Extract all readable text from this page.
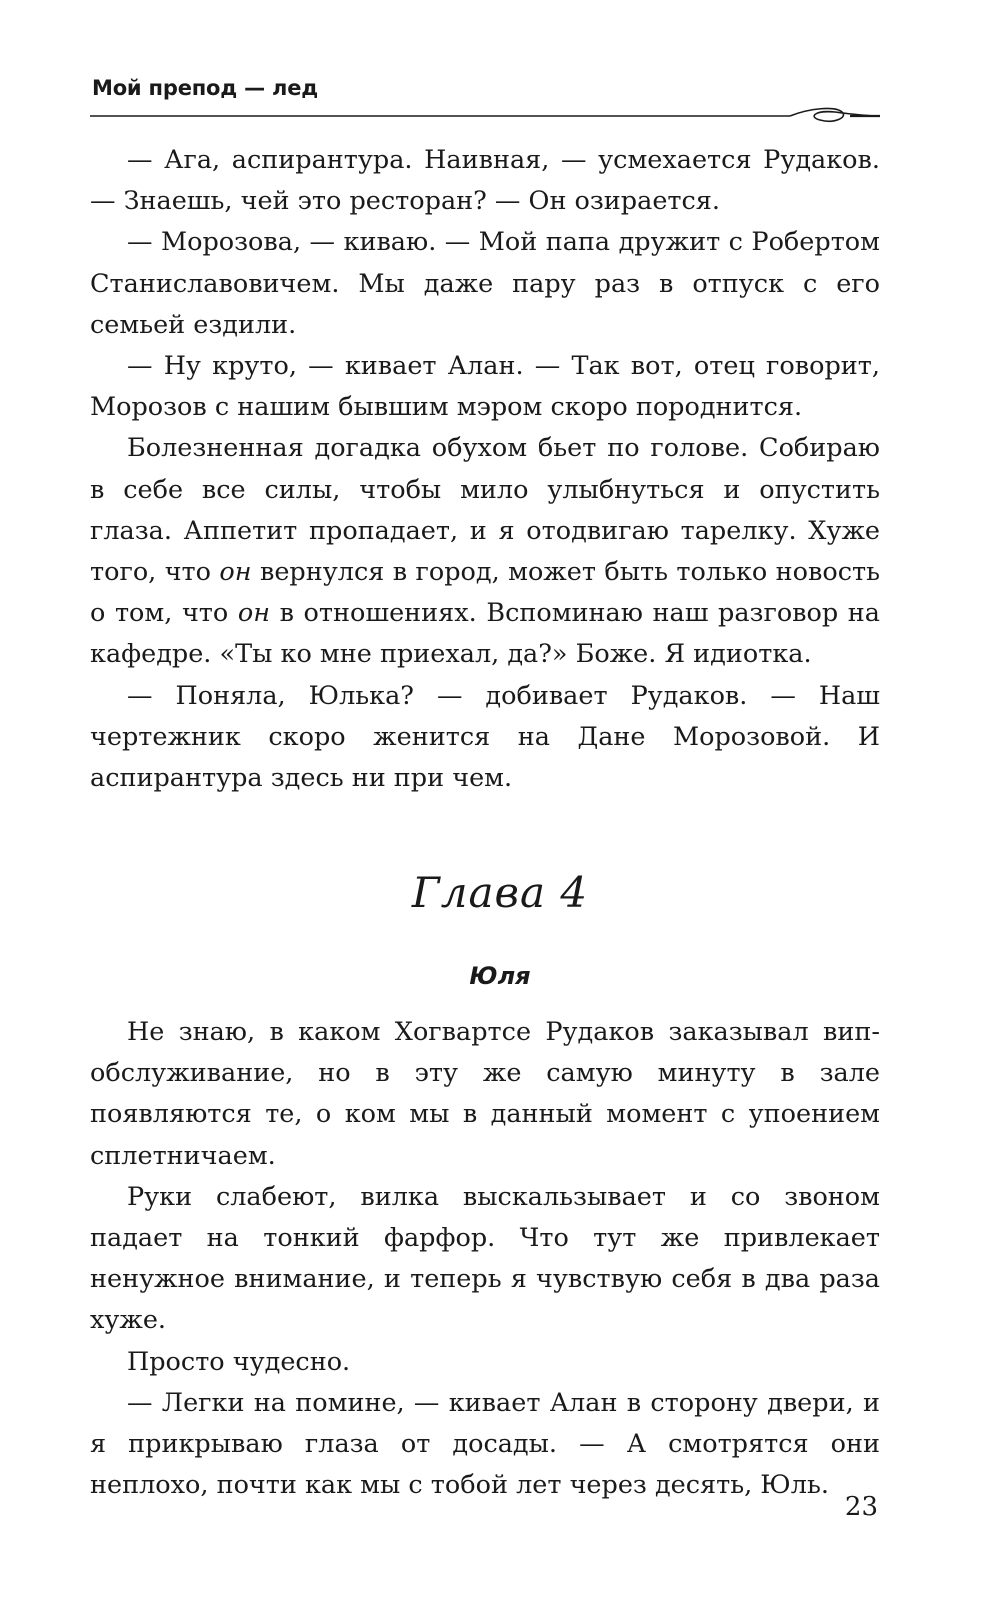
Мой препод — лед

— Ага, аспирантура. Наивная, — усмехается Рудаков. — Знаешь, чей это ресторан? — Он озирается.

— Морозова, — киваю. — Мой папа дружит с Робертом Станиславовичем. Мы даже пару раз в отпуск с его семьей ездили.

— Ну круто, — кивает Алан. — Так вот, отец говорит, Морозов с нашим бывшим мэром скоро породнится.

Болезненная догадка обухом бьет по голове. Собираю в себе все силы, чтобы мило улыбнуться и опустить глаза. Аппетит пропадает, и я отодвигаю тарелку. Хуже того, что он вернулся в город, может быть только новость о том, что он в отношениях. Вспоминаю наш разговор на кафедре. «Ты ко мне приехал, да?» Боже. Я идиотка.

— Поняла, Юлька? — добивает Рудаков. — Наш чертежник скоро женится на Дане Морозовой. И аспирантура здесь ни при чем.

Глава 4
Юля

Не знаю, в каком Хогвартсе Рудаков заказывал вип-обслуживание, но в эту же самую минуту в зале появляются те, о ком мы в данный момент с упоением сплетничаем.

Руки слабеют, вилка выскальзывает и со звоном падает на тонкий фарфор. Что тут же привлекает ненужное внимание, и теперь я чувствую себя в два раза хуже.

Просто чудесно.

— Легки на помине, — кивает Алан в сторону двери, и я прикрываю глаза от досады. — А смотрятся они неплохо, почти как мы с тобой лет через десять, Юль.

23
